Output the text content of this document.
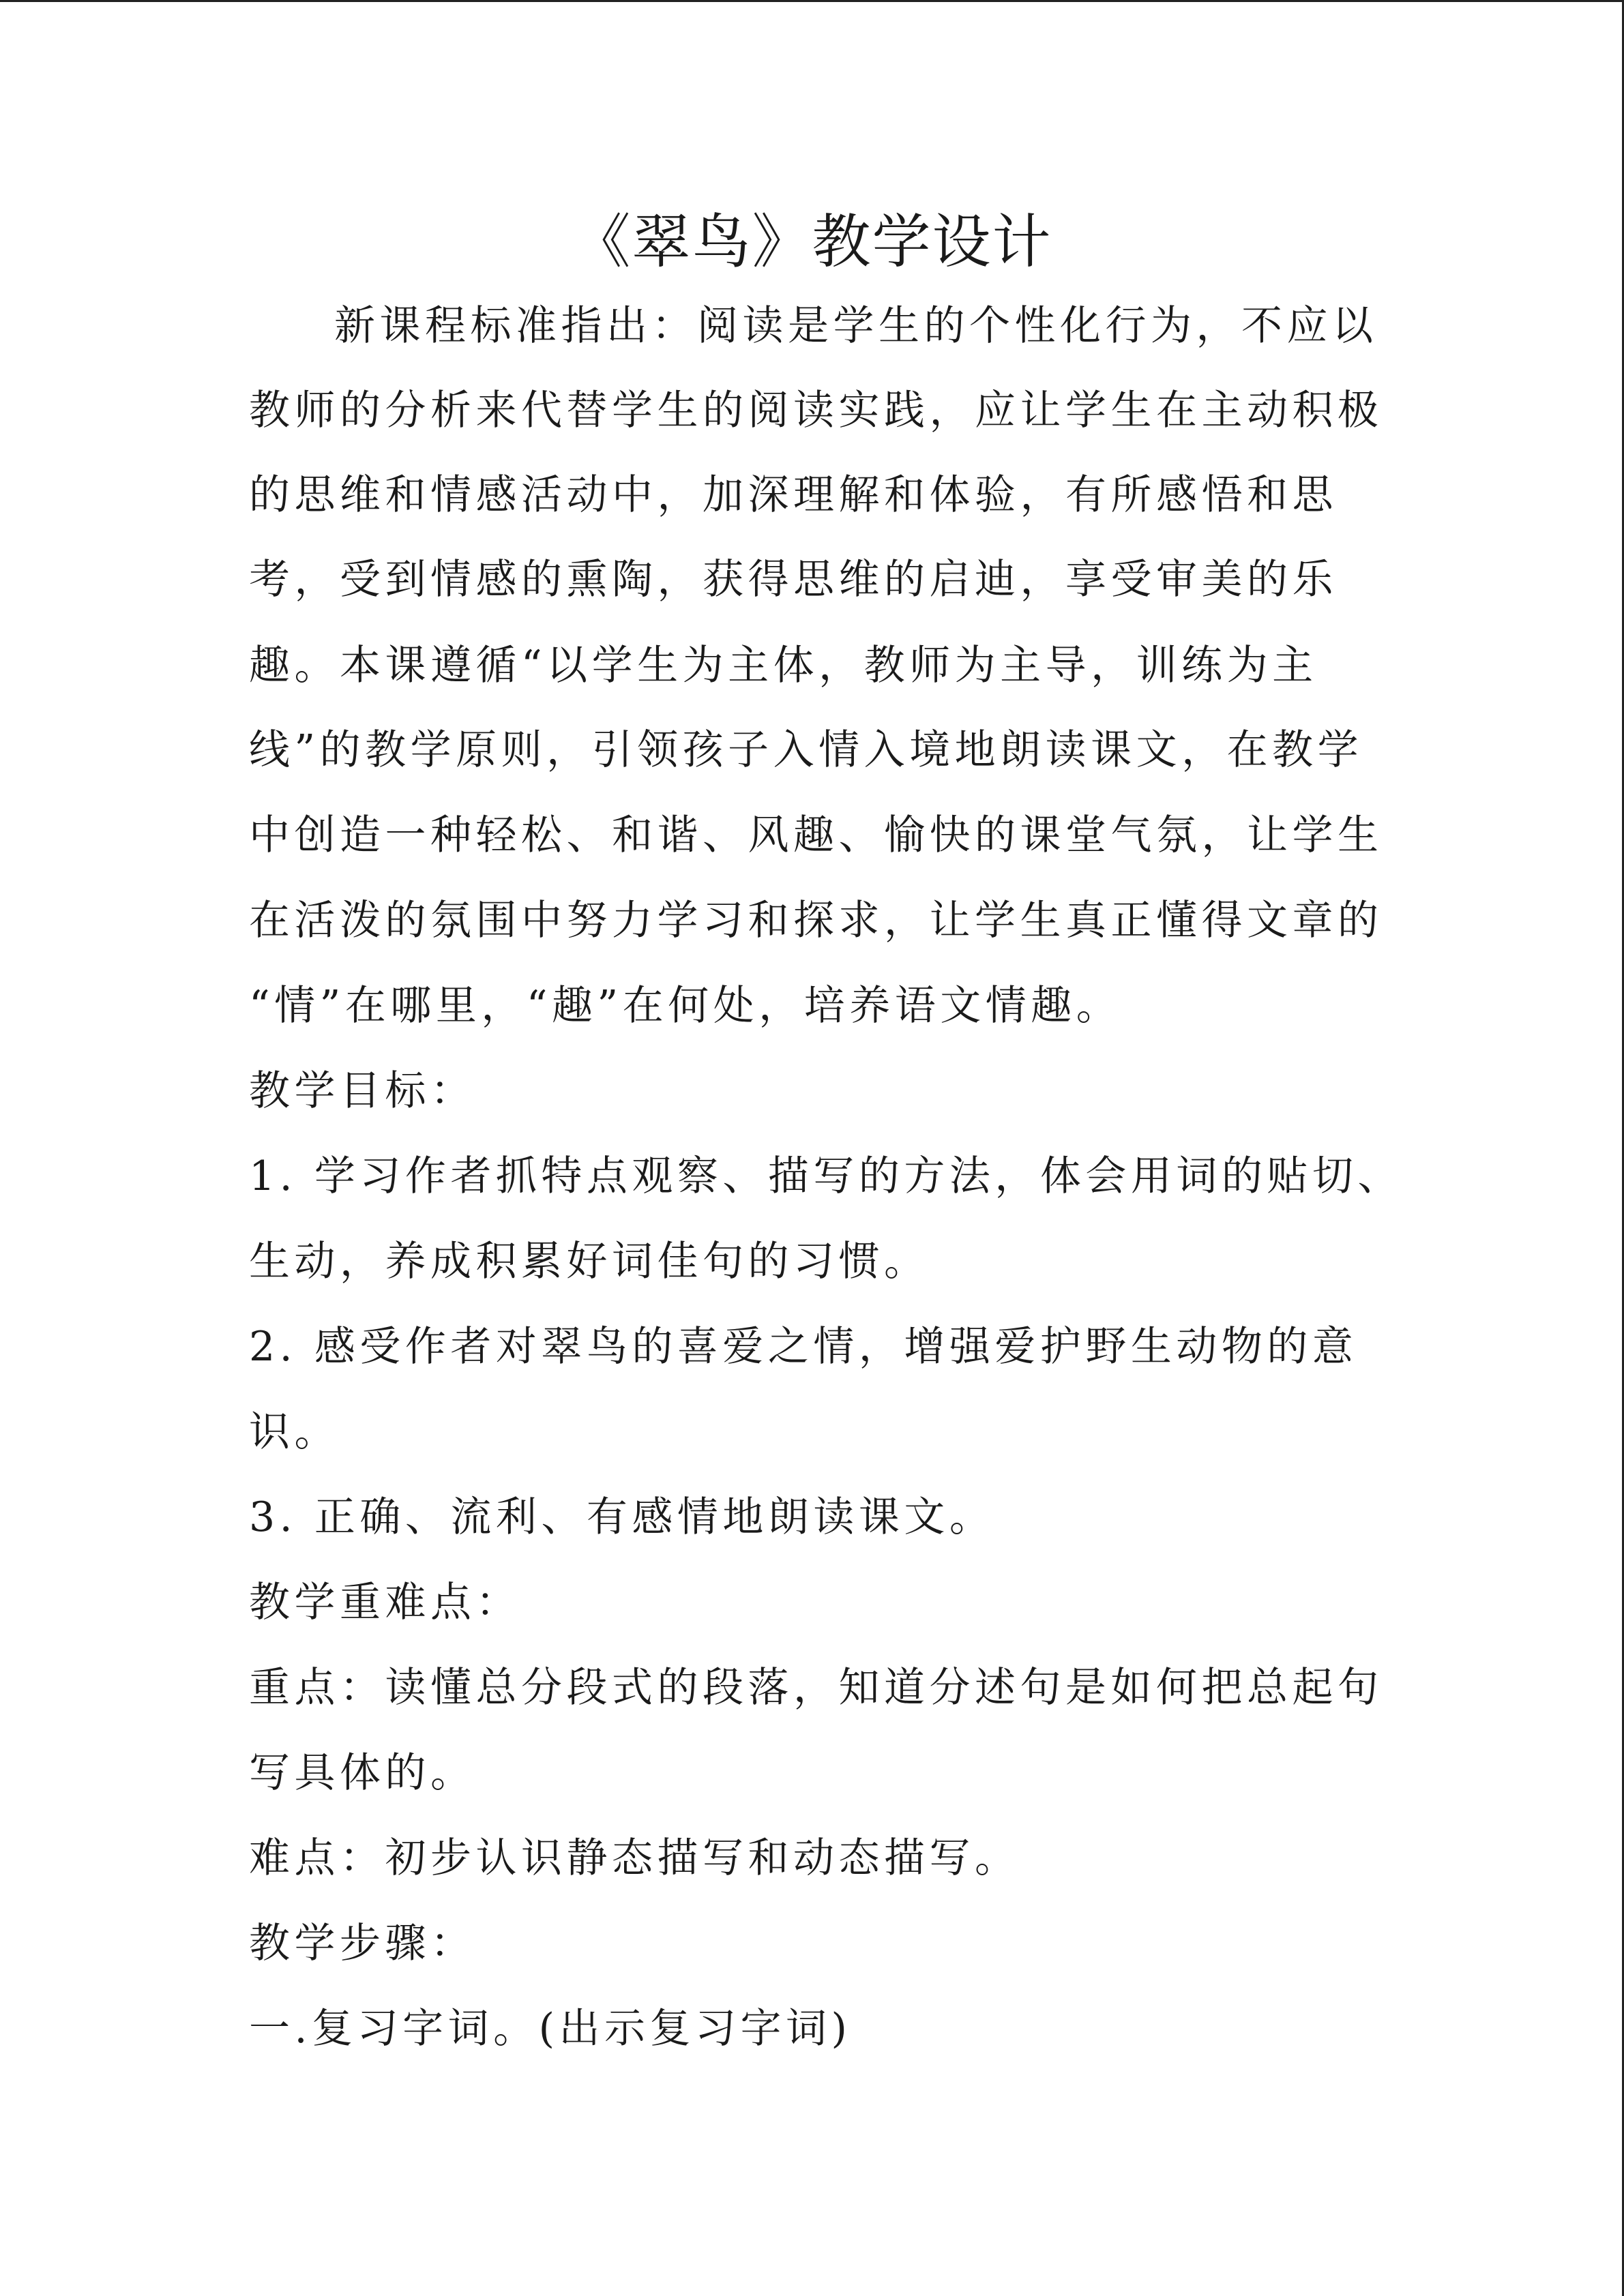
《翠鸟》教学设计
新课程标准指出：阅读是学生的个性化行为，不应以
教师的分析来代替学生的阅读实践，应让学生在主动积极
的思维和情感活动中，加深理解和体验，有所感悟和思
考，受到情感的熏陶，获得思维的启迪，享受审美的乐
趣。本课遵循“以学生为主体，教师为主导，训练为主
线”的教学原则，引领孩子入情入境地朗读课文，在教学
中创造一种轻松、和谐、风趣、愉快的课堂气氛，让学生
在活泼的氛围中努力学习和探求，让学生真正懂得文章的
“情”在哪里，“趣”在何处，培养语文情趣。
教学目标：
1. 学习作者抓特点观察、描写的方法，体会用词的贴切、
生动，养成积累好词佳句的习惯。
2. 感受作者对翠鸟的喜爱之情，增强爱护野生动物的意
识。
3. 正确、流利、有感情地朗读课文。
教学重难点：
重点：读懂总分段式的段落，知道分述句是如何把总起句
写具体的。
难点：初步认识静态描写和动态描写。
教学步骤：
一.复习字词。(出示复习字词)
